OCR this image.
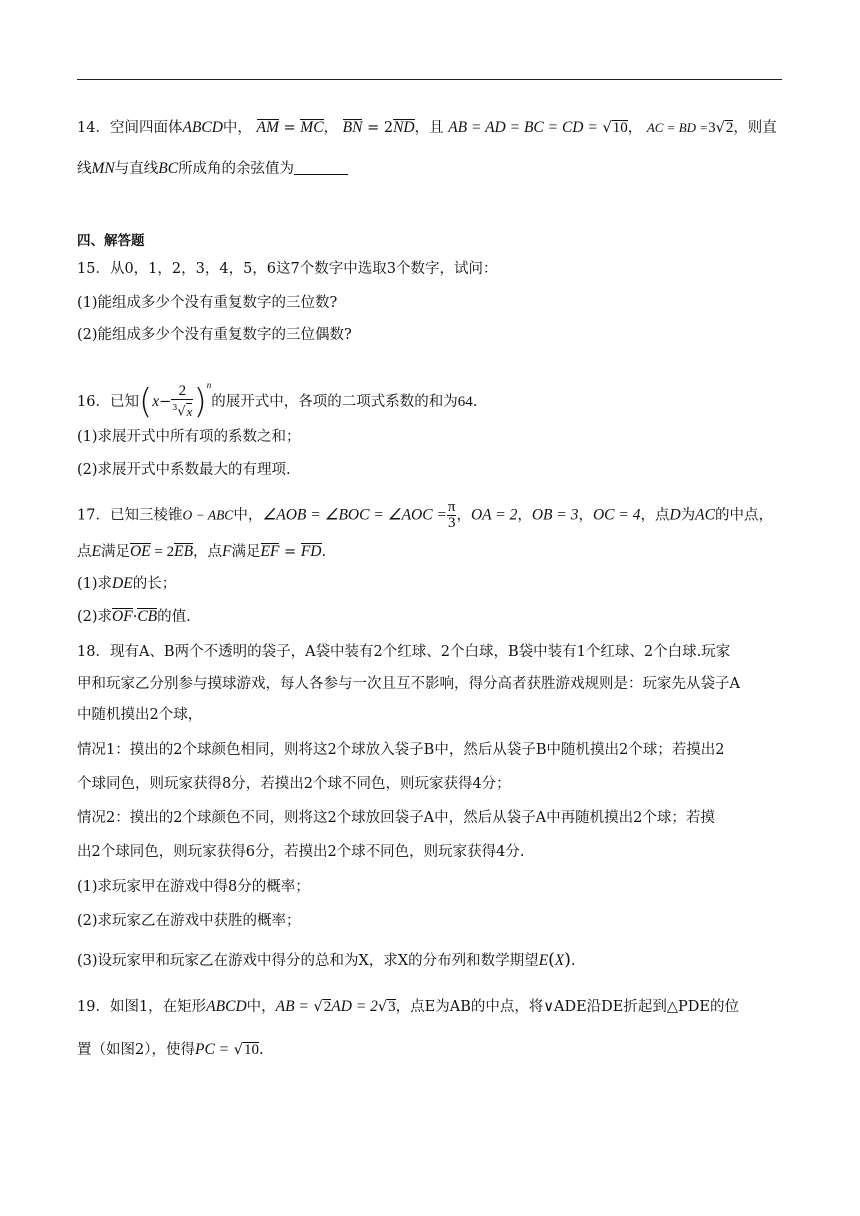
14．空间四面体ABCD中， AM = MC， BN = 2ND，且 AB = AD = BC = CD = √10， AC = BD =3√2，则直
线MN与直线BC所成角的余弦值为
四、解答题
15．从0，1，2，3，4，5，6这7个数字中选取3个数字，试问：
(1)能组成多少个没有重复数字的三位数?
(2)能组成多少个没有重复数字的三位偶数?
16．已知$(x- \frac{2}{^3√x} )^n$的展开式中，各项的二项式系数的和为64.
(1)求展开式中所有项的系数之和；
(2)求展开式中系数最大的有理项.
17．已知三棱锥O − ABC中，∠AOB = ∠BOC = ∠AOC = $\frac{\pi}{3}$ ，OA = 2，OB = 3，OC = 4，点D为AC的中点，
点E满足OE = 2EB，点F满足EF = FD.
(1)求DE的长；
(2)求OF·CB的值.
18．现有A、B两个不透明的袋子，A袋中装有2个红球、2个白球，B袋中装有1个红球、2个白球.玩家
甲和玩家乙分别参与摸球游戏，每人各参与一次且互不影响，得分高者获胜游戏规则是：玩家先从袋子A
中随机摸出2个球，
情况1：摸出的2个球颜色相同，则将这2个球放入袋子B中，然后从袋子B中随机摸出2个球；若摸出2
个球同色，则玩家获得8分，若摸出2个球不同色，则玩家获得4分；
情况2：摸出的2个球颜色不同，则将这2个球放回袋子A中，然后从袋子A中再随机摸出2个球；若摸
出2个球同色，则玩家获得6分，若摸出2个球不同色，则玩家获得4分.
(1)求玩家甲在游戏中得8分的概率；
(2)求玩家乙在游戏中获胜的概率；
(3)设玩家甲和玩家乙在游戏中得分的总和为X，求X的分布列和数学期望E(X).
19．如图1，在矩形ABCD中，AB = √2AD = 2√3，点E为AB的中点，将∨ADE沿DE折起到△PDE的位
置（如图2），使得PC = √10.
